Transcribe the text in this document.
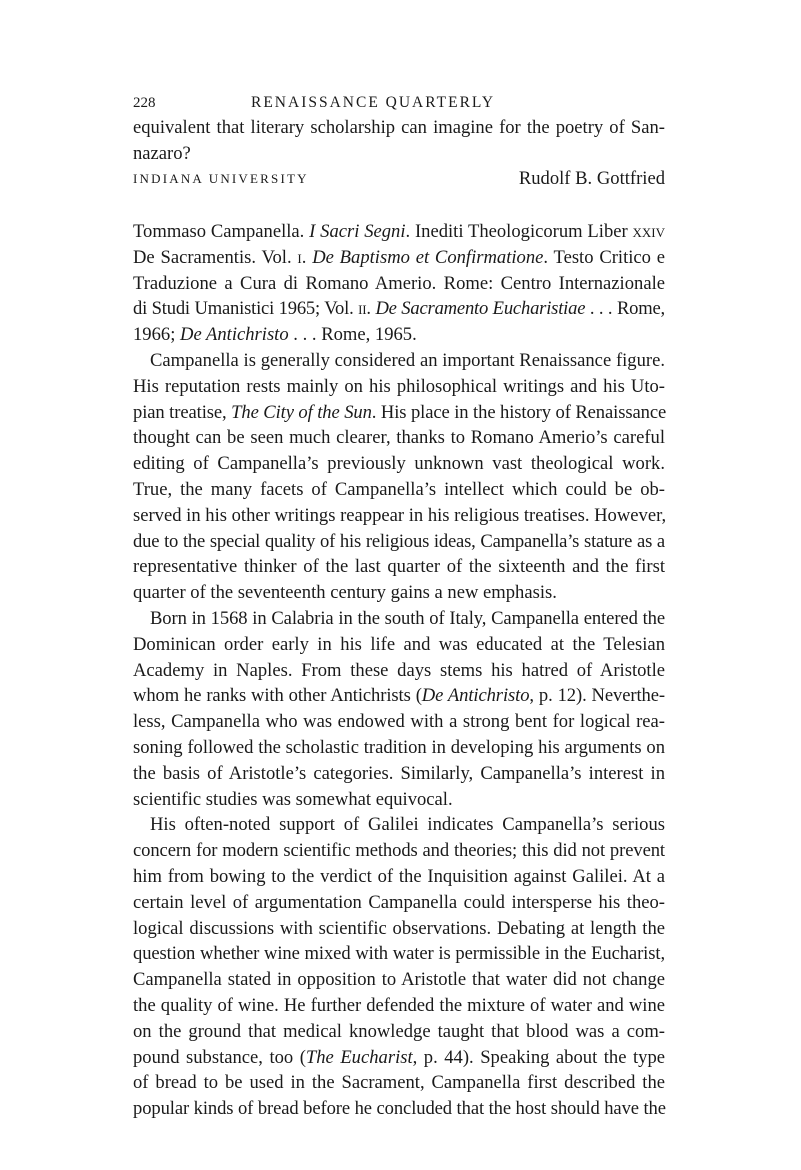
228	RENAISSANCE QUARTERLY
equivalent that literary scholarship can imagine for the poetry of San-
nazaro?
INDIANA UNIVERSITY	Rudolf B. Gottfried
Tommaso Campanella. I Sacri Segni. Inediti Theologicorum Liber xxiv
De Sacramentis. Vol. i. De Baptismo et Confirmatione. Testo Critico e
Traduzione a Cura di Romano Amerio. Rome: Centro Internazionale
di Studi Umanistici 1965; Vol. ii. De Sacramento Eucharistiae . . . Rome,
1966; De Antichristo . . . Rome, 1965.
Campanella is generally considered an important Renaissance figure.
His reputation rests mainly on his philosophical writings and his Uto-
pian treatise, The City of the Sun. His place in the history of Renaissance
thought can be seen much clearer, thanks to Romano Amerio’s careful
editing of Campanella’s previously unknown vast theological work.
True, the many facets of Campanella’s intellect which could be ob-
served in his other writings reappear in his religious treatises. However,
due to the special quality of his religious ideas, Campanella’s stature as a
representative thinker of the last quarter of the sixteenth and the first
quarter of the seventeenth century gains a new emphasis.
Born in 1568 in Calabria in the south of Italy, Campanella entered the
Dominican order early in his life and was educated at the Telesian
Academy in Naples. From these days stems his hatred of Aristotle
whom he ranks with other Antichrists (De Antichristo, p. 12). Neverthe-
less, Campanella who was endowed with a strong bent for logical rea-
soning followed the scholastic tradition in developing his arguments on
the basis of Aristotle’s categories. Similarly, Campanella’s interest in
scientific studies was somewhat equivocal.
His often-noted support of Galilei indicates Campanella’s serious
concern for modern scientific methods and theories; this did not prevent
him from bowing to the verdict of the Inquisition against Galilei. At a
certain level of argumentation Campanella could intersperse his theo-
logical discussions with scientific observations. Debating at length the
question whether wine mixed with water is permissible in the Eucharist,
Campanella stated in opposition to Aristotle that water did not change
the quality of wine. He further defended the mixture of water and wine
on the ground that medical knowledge taught that blood was a com-
pound substance, too (The Eucharist, p. 44). Speaking about the type
of bread to be used in the Sacrament, Campanella first described the
popular kinds of bread before he concluded that the host should have the
